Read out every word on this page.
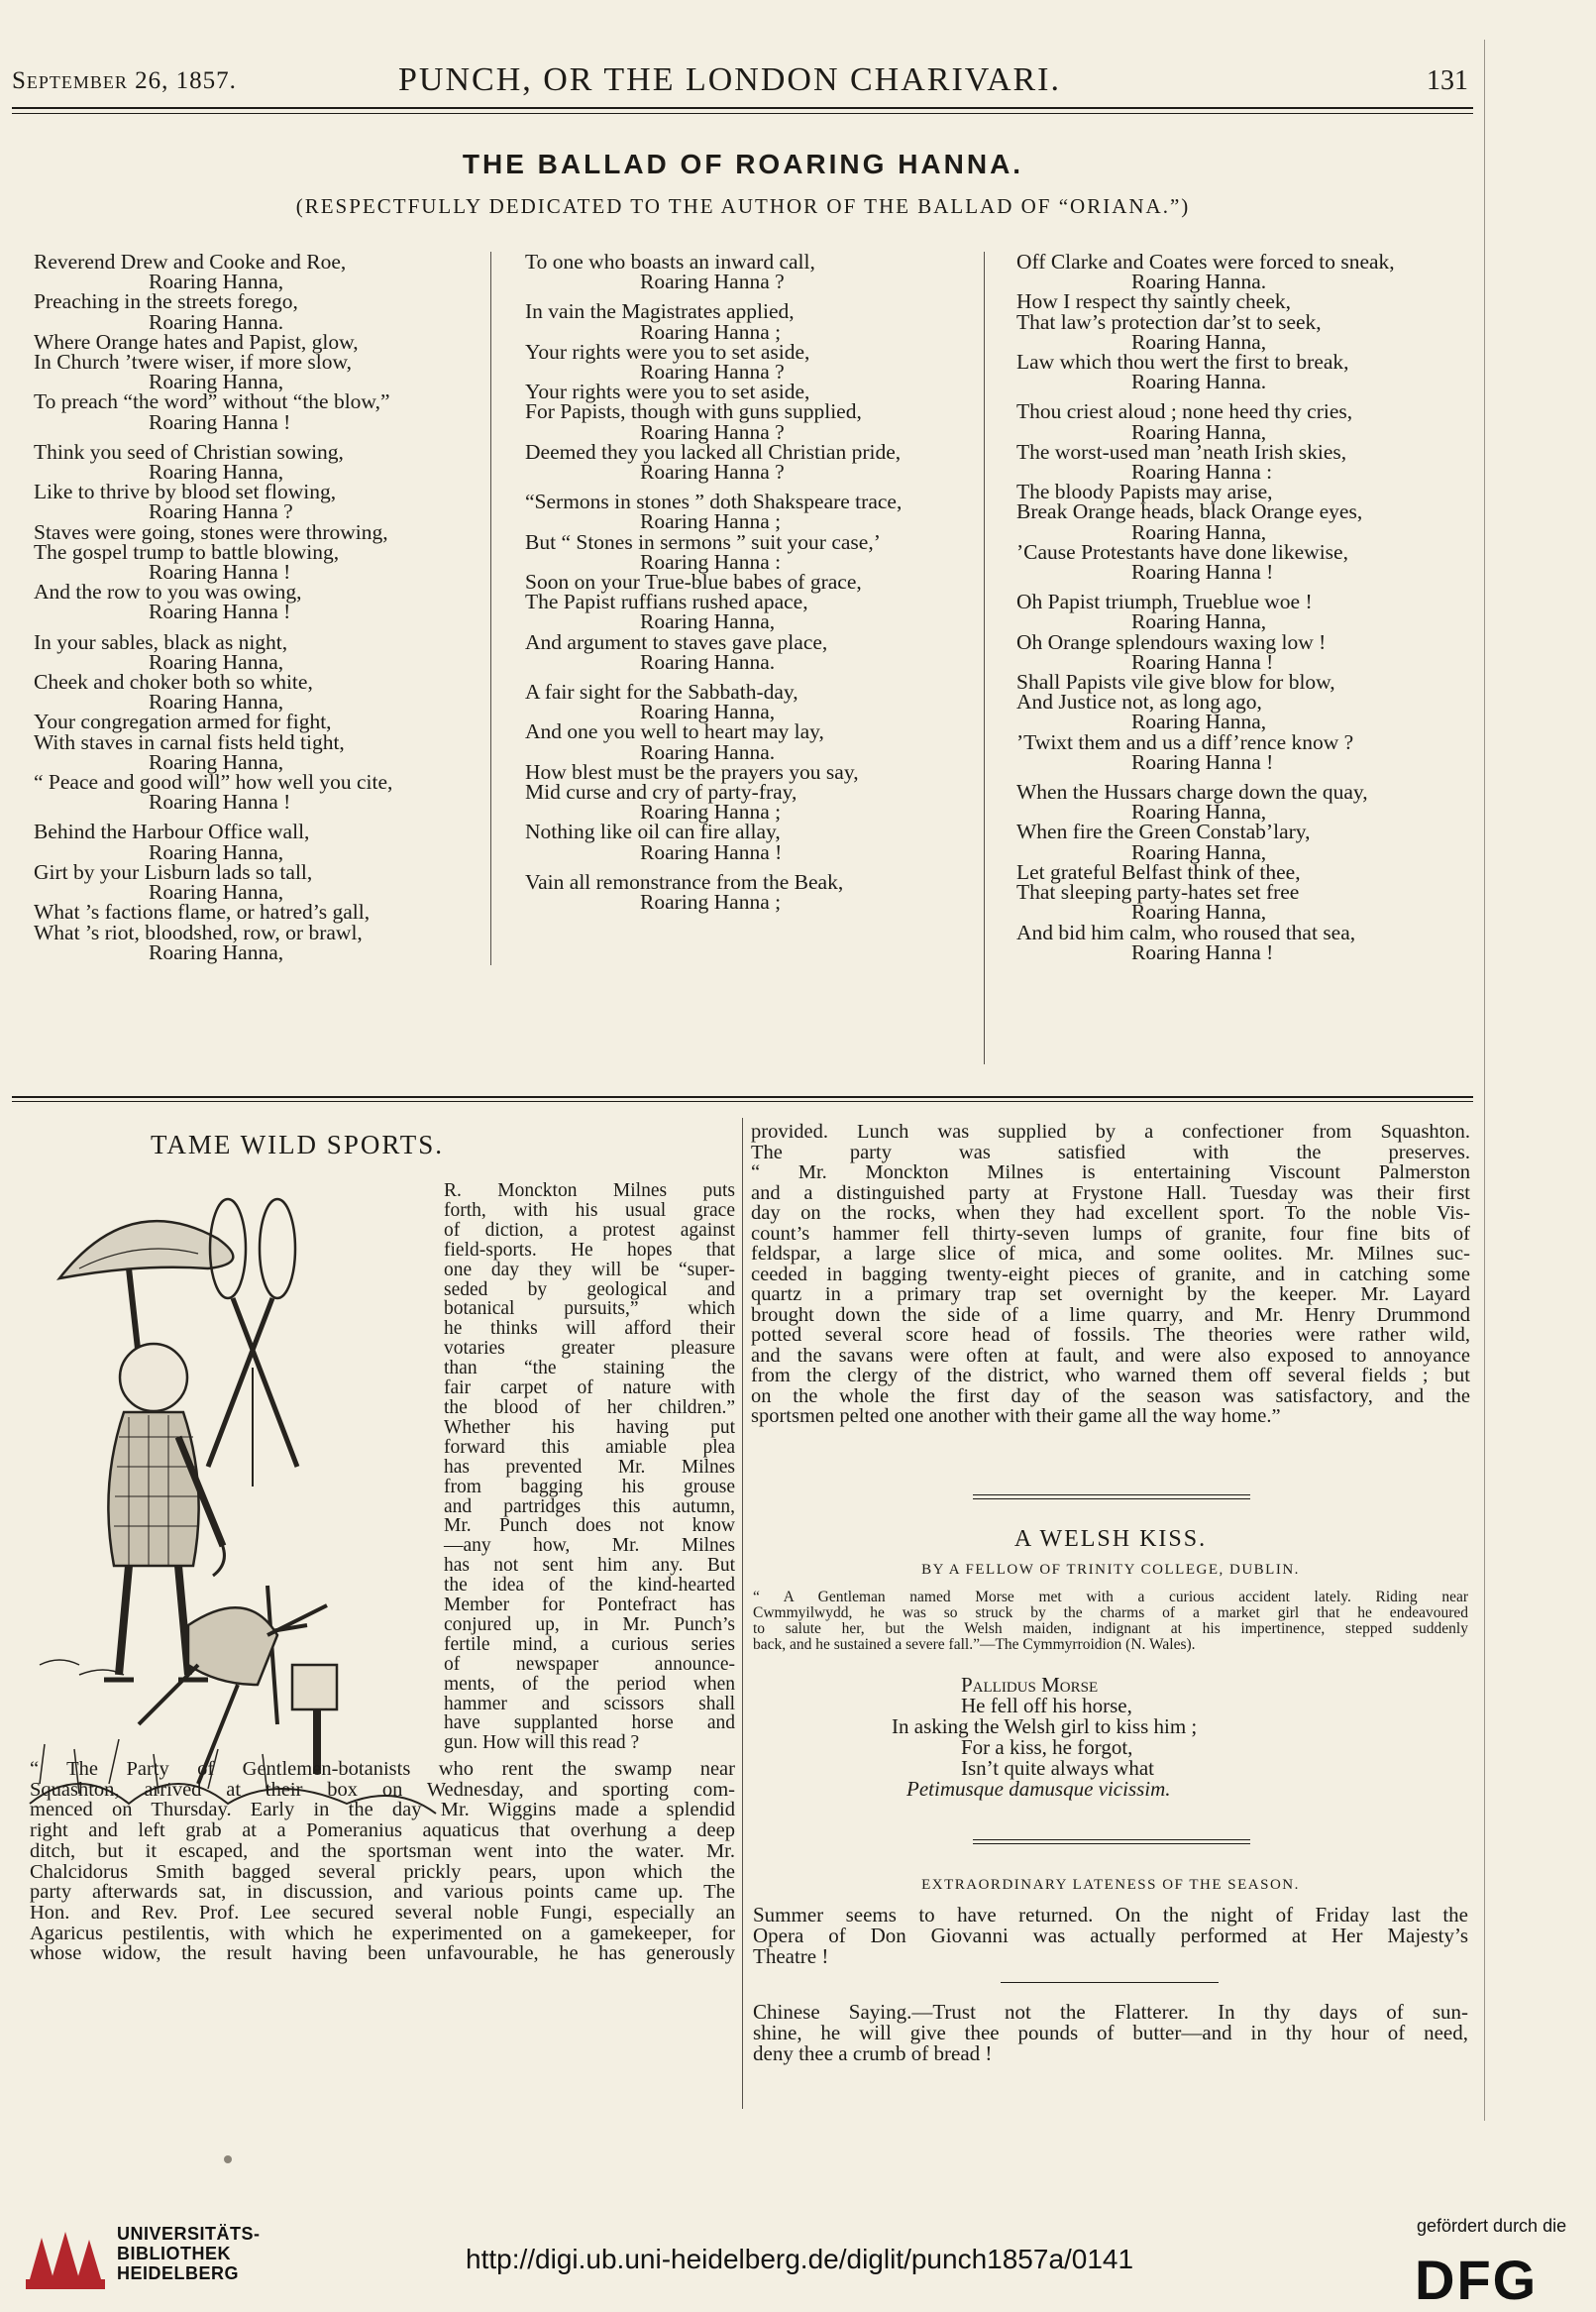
September 26, 1857.	PUNCH, OR THE LONDON CHARIVARI.	131
THE BALLAD OF ROARING HANNA.
(RESPECTFULLY DEDICATED TO THE AUTHOR OF THE BALLAD OF “ORIANA.”)
Reverend Drew and Cooke and Roe,
Roaring Hanna,
Preaching in the streets forego,
Roaring Hanna.
Where Orange hates and Papist, glow,
In Church ’twere wiser, if more slow,
Roaring Hanna,
To preach “the word” without “the blow,”
Roaring Hanna !
Think you seed of Christian sowing,
Roaring Hanna,
Like to thrive by blood set flowing,
Roaring Hanna ?
Staves were going, stones were throwing,
The gospel trump to battle blowing,
Roaring Hanna !
And the row to you was owing,
Roaring Hanna !
In your sables, black as night,
Roaring Hanna,
Cheek and choker both so white,
Roaring Hanna,
Your congregation armed for fight,
With staves in carnal fists held tight,
Roaring Hanna,
“ Peace and good will” how well you cite,
Roaring Hanna !
Behind the Harbour Office wall,
Roaring Hanna,
Girt by your Lisburn lads so tall,
Roaring Hanna,
What ’s factions flame, or hatred’s gall,
What ’s riot, bloodshed, row, or brawl,
Roaring Hanna,
To one who boasts an inward call,
Roaring Hanna ?
In vain the Magistrates applied,
Roaring Hanna ;
Your rights were you to set aside,
Roaring Hanna ?
Your rights were you to set aside,
For Papists, though with guns supplied,
Roaring Hanna ?
Deemed they you lacked all Christian pride,
Roaring Hanna ?
“Sermons in stones ” doth Shakspeare trace,
Roaring Hanna ;
But “ Stones in sermons ” suit your case,’
Roaring Hanna :
Soon on your True-blue babes of grace,
The Papist ruffians rushed apace,
Roaring Hanna,
And argument to staves gave place,
Roaring Hanna.
A fair sight for the Sabbath-day,
Roaring Hanna,
And one you well to heart may lay,
Roaring Hanna.
How blest must be the prayers you say,
Mid curse and cry of party-fray,
Roaring Hanna ;
Nothing like oil can fire allay,
Roaring Hanna !
Vain all remonstrance from the Beak,
Roaring Hanna ;
Off Clarke and Coates were forced to sneak,
Roaring Hanna.
How I respect thy saintly cheek,
That law’s protection dar’st to seek,
Roaring Hanna,
Law which thou wert the first to break,
Roaring Hanna.
Thou criest aloud ; none heed thy cries,
Roaring Hanna,
The worst-used man ’neath Irish skies,
Roaring Hanna :
The bloody Papists may arise,
Break Orange heads, black Orange eyes,
Roaring Hanna,
’Cause Protestants have done likewise,
Roaring Hanna !
Oh Papist triumph, Trueblue woe !
Roaring Hanna,
Oh Orange splendours waxing low !
Roaring Hanna !
Shall Papists vile give blow for blow,
And Justice not, as long ago,
Roaring Hanna,
’Twixt them and us a diff’rence know ?
Roaring Hanna !
When the Hussars charge down the quay,
Roaring Hanna,
When fire the Green Constab’lary,
Roaring Hanna,
Let grateful Belfast think of thee,
That sleeping party-hates set free
Roaring Hanna,
And bid him calm, who roused that sea,
Roaring Hanna !
TAME WILD SPORTS.
R. Monckton Milnes puts
forth, with his usual grace
of diction, a protest against
field-sports. He hopes that
one day they will be “super-
seded by geological and
botanical pursuits,” which
he thinks will afford their
votaries greater pleasure
than “the staining the
fair carpet of nature with
the blood of her children.”
Whether his having put
forward this amiable plea
has prevented Mr. Milnes
from bagging his grouse
and partridges this autumn,
Mr. Punch does not know
—any how, Mr. Milnes
has not sent him any. But
the idea of the kind-hearted
Member for Pontefract has
conjured up, in Mr. Punch’s
fertile mind, a curious series
of newspaper announce-
ments, of the period when
hammer and scissors shall
have supplanted horse and
gun. How will this read ?
“ The Party of Gentlemen-botanists who rent the swamp near
Squashton, arrived at their box on Wednesday, and sporting com-
menced on Thursday. Early in the day Mr. Wiggins made a splendid
right and left grab at a Pomeranius aquaticus that overhung a deep
ditch, but it escaped, and the sportsman went into the water. Mr.
Chalcidorus Smith bagged several prickly pears, upon which the
party afterwards sat, in discussion, and various points came up. The
Hon. and Rev. Prof. Lee secured several noble Fungi, especially an
Agaricus pestilentis, with which he experimented on a gamekeeper, for
whose widow, the result having been unfavourable, he has generously
provided. Lunch was supplied by a confectioner from Squashton.
The party was satisfied with the preserves.
“ Mr. Monckton Milnes is entertaining Viscount Palmerston
and a distinguished party at Frystone Hall. Tuesday was their first
day on the rocks, when they had excellent sport. To the noble Vis-
count’s hammer fell thirty-seven lumps of granite, four fine bits of
feldspar, a large slice of mica, and some oolites. Mr. Milnes suc-
ceeded in bagging twenty-eight pieces of granite, and in catching some
quartz in a primary trap set overnight by the keeper. Mr. Layard
brought down the side of a lime quarry, and Mr. Henry Drummond
potted several score head of fossils. The theories were rather wild,
and the savans were often at fault, and were also exposed to annoyance
from the clergy of the district, who warned them off several fields ; but
on the whole the first day of the season was satisfactory, and the
sportsmen pelted one another with their game all the way home.”
A WELSH KISS.
BY A FELLOW OF TRINITY COLLEGE, DUBLIN.
“ A Gentleman named Morse met with a curious accident lately. Riding near
Cwmmyilwydd, he was so struck by the charms of a market girl that he endeavoured
to salute her, but the Welsh maiden, indignant at his impertinence, stepped suddenly
back, and he sustained a severe fall.”—The Cymmyrroidion (N. Wales).
Pallidus Morse
He fell off his horse,
In asking the Welsh girl to kiss him ;
For a kiss, he forgot,
Isn’t quite always what
Petimusque damusque vicissim.
EXTRAORDINARY LATENESS OF THE SEASON.
Summer seems to have returned. On the night of Friday last the
Opera of Don Giovanni was actually performed at Her Majesty’s
Theatre !
Chinese Saying.—Trust not the Flatterer. In thy days of sun-
shine, he will give thee pounds of butter—and in thy hour of need,
deny thee a crumb of bread !
UNIVERSITÄTS-
BIBLIOTHEK
HEIDELBERG	http://digi.ub.uni-heidelberg.de/diglit/punch1857a/0141
gefördert durch die
DFG
